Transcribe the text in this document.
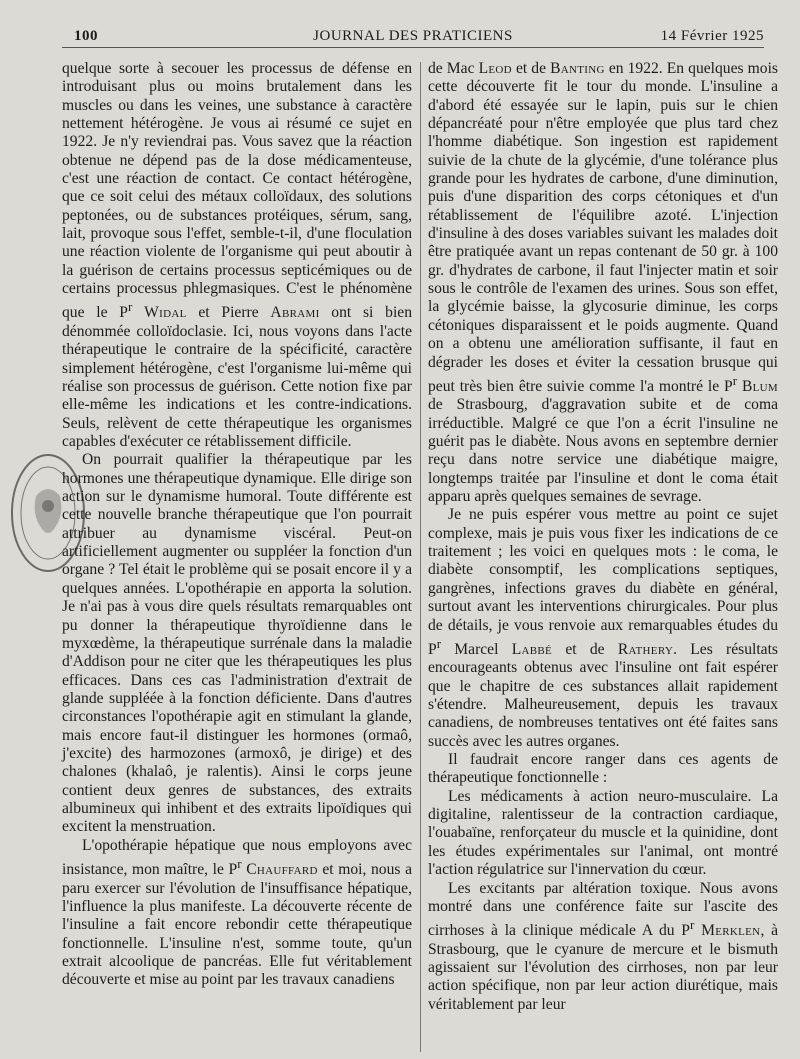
100	JOURNAL DES PRATICIENS	14 Février 1925

quelque sorte à secouer les processus de défense en introduisant plus ou moins brutalement dans les muscles ou dans les veines, une substance à caractère nettement hétérogène. Je vous ai résumé ce sujet en 1922. Je n'y reviendrai pas. Vous savez que la réaction obtenue ne dépend pas de la dose médicamenteuse, c'est une réaction de contact. Ce contact hétérogène, que ce soit celui des métaux colloïdaux, des solutions peptonées, ou de substances protéiques, sérum, sang, lait, provoque sous l'effet, semble-t-il, d'une floculation une réaction violente de l'organisme qui peut aboutir à la guérison de certains processus septicémiques ou de certains processus phlegmasiques. C'est le phénomène que le $P^r$ Widal et Pierre Abrami ont si bien dénommée colloïdoclasie. Ici, nous voyons dans l'acte thérapeutique le contraire de la spécificité, caractère simplement hétérogène, c'est l'organisme lui-même qui réalise son processus de guérison. Cette notion fixe par elle-même les indications et les contre-indications. Seuls, relèvent de cette thérapeutique les organismes capables d'exécuter ce rétablissement difficile.

On pourrait qualifier la thérapeutique par les hormones une thérapeutique dynamique. Elle dirige son action sur le dynamisme humoral. Toute différente est cette nouvelle branche thérapeutique que l'on pourrait attribuer au dynamisme viscéral. Peut-on artificiellement augmenter ou suppléer la fonction d'un organe ? Tel était le problème qui se posait encore il y a quelques années. L'opothérapie en apporta la solution. Je n'ai pas à vous dire quels résultats remarquables ont pu donner la thérapeutique thyroïdienne dans le myxœdème, la thérapeutique surrénale dans la maladie d'Addison pour ne citer que les thérapeutiques les plus efficaces. Dans ces cas l'administration d'extrait de glande suppléée à la fonction déficiente. Dans d'autres circonstances l'opothérapie agit en stimulant la glande, mais encore faut-il distinguer les hormones (ormaô, j'excite) des harmozones (armoxô, je dirige) et des chalones (khalaô, je ralentis). Ainsi le corps jeune contient deux genres de substances, des extraits albumineux qui inhibent et des extraits lipoïdiques qui excitent la menstruation.

L'opothérapie hépatique que nous employons avec insistance, mon maître, le $P^r$ Chauffard et moi, nous a paru exercer sur l'évolution de l'insuffisance hépatique, l'influence la plus manifeste. La découverte récente de l'insuline a fait encore rebondir cette thérapeutique fonctionnelle. L'insuline n'est, somme toute, qu'un extrait alcoolique de pancréas. Elle fut véritablement découverte et mise au point par les travaux canadiens

de Mac Leod et de Banting en 1922. En quelques mois cette découverte fit le tour du monde. L'insuline a d'abord été essayée sur le lapin, puis sur le chien dépancréaté pour n'être employée que plus tard chez l'homme diabétique. Son ingestion est rapidement suivie de la chute de la glycémie, d'une tolérance plus grande pour les hydrates de carbone, d'une diminution, puis d'une disparition des corps cétoniques et d'un rétablissement de l'équilibre azoté. L'injection d'insuline à des doses variables suivant les malades doit être pratiquée avant un repas contenant de 50 gr. à 100 gr. d'hydrates de carbone, il faut l'injecter matin et soir sous le contrôle de l'examen des urines. Sous son effet, la glycémie baisse, la glycosurie diminue, les corps cétoniques disparaissent et le poids augmente. Quand on a obtenu une amélioration suffisante, il faut en dégrader les doses et éviter la cessation brusque qui peut très bien être suivie comme l'a montré le $P^r$ Blum de Strasbourg, d'aggravation subite et de coma irréductible. Malgré ce que l'on a écrit l'insuline ne guérit pas le diabète. Nous avons en septembre dernier reçu dans notre service une diabétique maigre, longtemps traitée par l'insuline et dont le coma était apparu après quelques semaines de sevrage.

Je ne puis espérer vous mettre au point ce sujet complexe, mais je puis vous fixer les indications de ce traitement ; les voici en quelques mots : le coma, le diabète consomptif, les complications septiques, gangrènes, infections graves du diabète en général, surtout avant les interventions chirurgicales. Pour plus de détails, je vous renvoie aux remarquables études du $P^r$ Marcel Labbé et de Rathery. Les résultats encourageants obtenus avec l'insuline ont fait espérer que le chapitre de ces substances allait rapidement s'étendre. Malheureusement, depuis les travaux canadiens, de nombreuses tentatives ont été faites sans succès avec les autres organes.

Il faudrait encore ranger dans ces agents de thérapeutique fonctionnelle :

Les médicaments à action neuro-musculaire. La digitaline, ralentisseur de la contraction cardiaque, l'ouabaïne, renforçateur du muscle et la quinidine, dont les études expérimentales sur l'animal, ont montré l'action régulatrice sur l'innervation du cœur.

Les excitants par altération toxique. Nous avons montré dans une conférence faite sur l'ascite des cirrhoses à la clinique médicale A du $P^r$ Merklen, à Strasbourg, que le cyanure de mercure et le bismuth agissaient sur l'évolution des cirrhoses, non par leur action spécifique, non par leur action diurétique, mais véritablement par leur
